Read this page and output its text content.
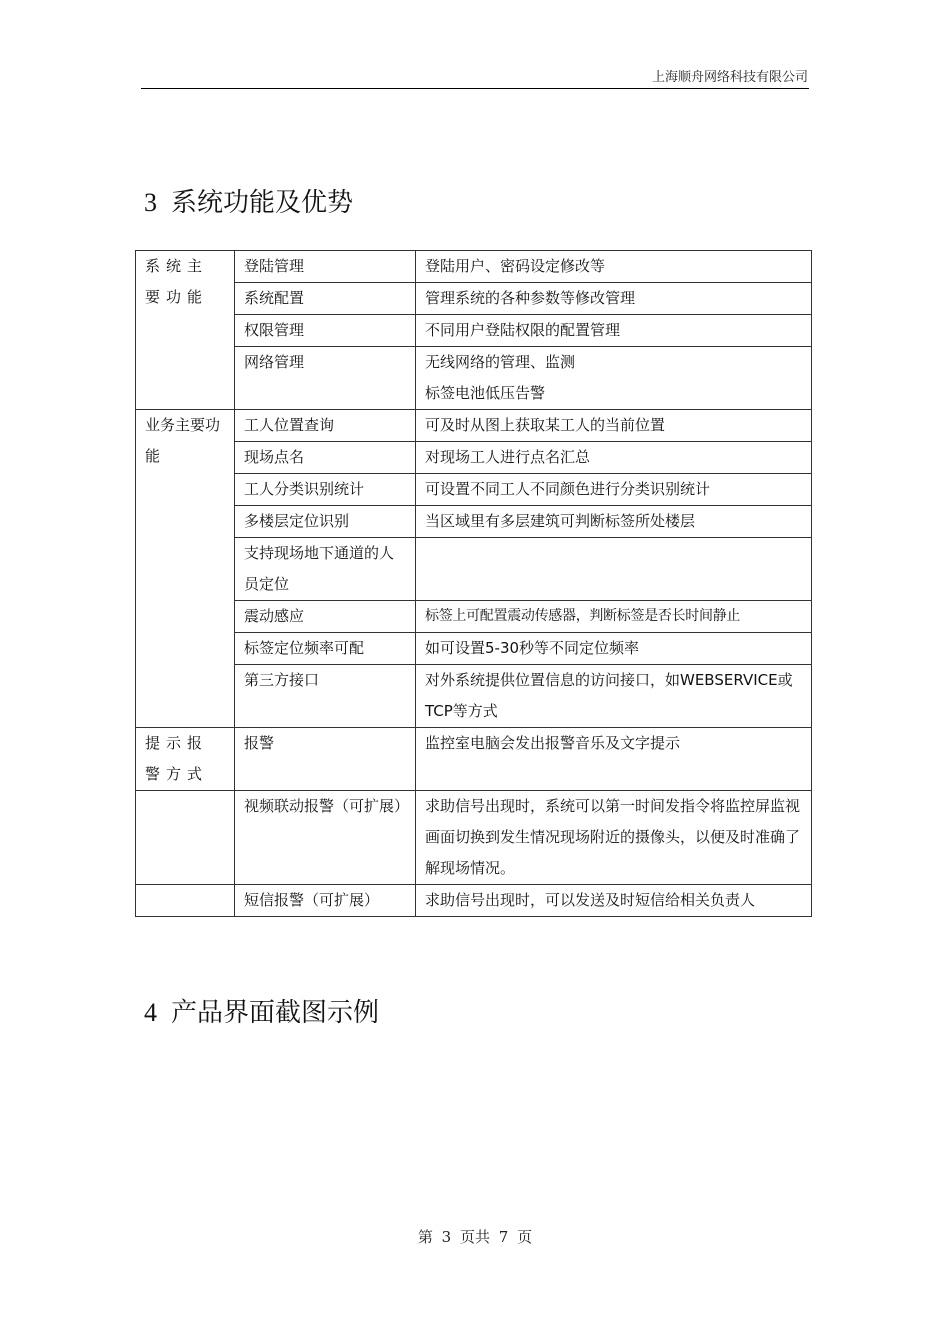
上海顺舟网络科技有限公司
3 系统功能及优势
系统主要功能	登陆管理	登陆用户、密码设定修改等
	系统配置	管理系统的各种参数等修改管理
	权限管理	不同用户登陆权限的配置管理
	网络管理	无线网络的管理、监测
标签电池低压告警

业务主要功能	工人位置查询	可及时从图上获取某工人的当前位置
	现场点名	对现场工人进行点名汇总
	工人分类识别统计	可设置不同工人不同颜色进行分类识别统计
	多楼层定位识别	当区域里有多层建筑可判断标签所处楼层
	支持现场地下通道的人员定位	
	震动感应	标签上可配置震动传感器，判断标签是否长时间静止
	标签定位频率可配	如可设置5-30秒等不同定位频率
	第三方接口	对外系统提供位置信息的访问接口，如WEBSERVICE或TCP等方式
提示报警方式	报警	监控室电脑会发出报警音乐及文字提示
	视频联动报警（可扩展）	求助信号出现时，系统可以第一时间发指令将监控屏监视画面切换到发生情况现场附近的摄像头，以便及时准确了解现场情况。
	短信报警（可扩展）	求助信号出现时，可以发送及时短信给相关负责人
4 产品界面截图示例
第 3 页共 7 页
